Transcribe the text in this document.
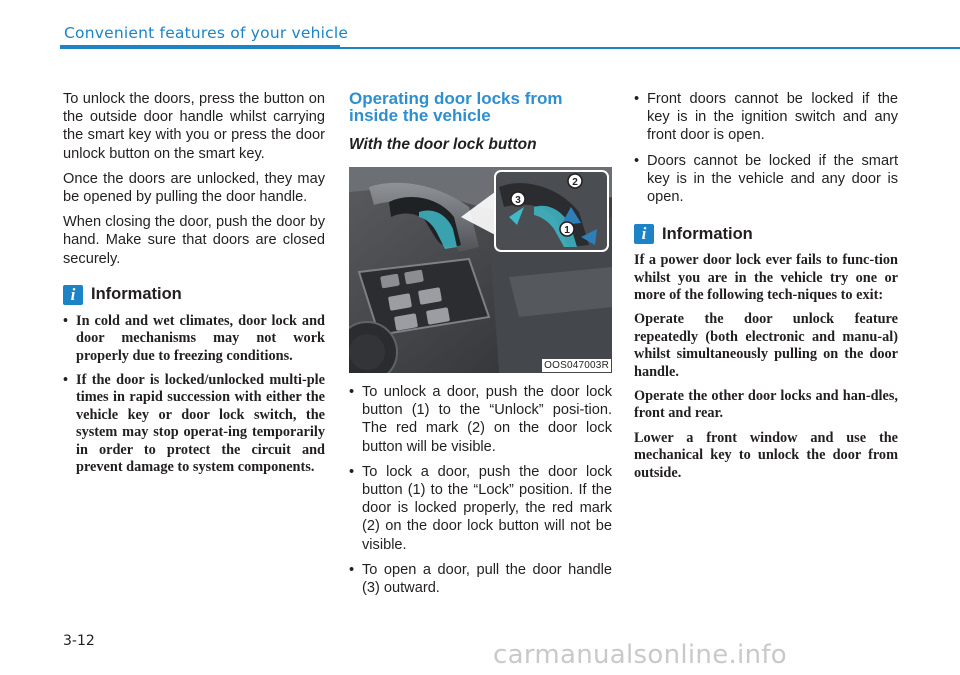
Convenient features of your vehicle

To unlock the doors, press the button on the outside door handle whilst carrying the smart key with you or press the door unlock button on the smart key.

Once the doors are unlocked, they may be opened by pulling the door handle.

When closing the door, push the door by hand. Make sure that doors are closed securely.

i Information
• In cold and wet climates, door lock and door mechanisms may not work properly due to freezing conditions.
• If the door is locked/unlocked multi-ple times in rapid succession with either the vehicle key or door lock switch, the system may stop operat-ing temporarily in order to protect the circuit and prevent damage to system components.
Operating door locks from
inside the vehicle
With the door lock button
3
2
1
OOS047003R
• To unlock a door, push the door lock button (1) to the “Unlock” posi-tion. The red mark (2) on the door lock button will be visible.
• To lock a door, push the door lock button (1) to the “Lock” position. If the door is locked properly, the red mark (2) on the door lock button will not be visible.
• To open a door, pull the door handle (3) outward.
• Front doors cannot be locked if the key is in the ignition switch and any front door is open.
• Doors cannot be locked if the smart key is in the vehicle and any door is open.
i Information

If a power door lock ever fails to func-tion whilst you are in the vehicle try one or more of the following tech-niques to exit:

Operate the door unlock feature repeatedly (both electronic and manu-al) whilst simultaneously pulling on the door handle.

Operate the other door locks and han-dles, front and rear.

Lower a front window and use the mechanical key to unlock the door from outside.

3-12	carmanualsonline.info
